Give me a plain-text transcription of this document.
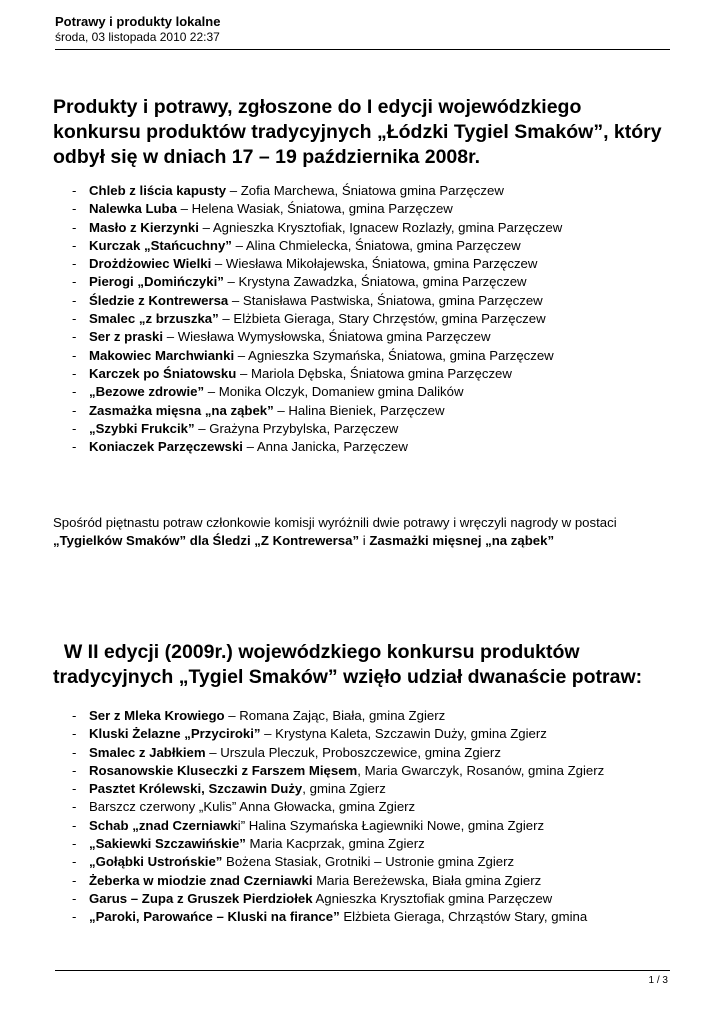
Potrawy i produkty lokalne
środa, 03 listopada 2010 22:37
Produkty i potrawy, zgłoszone do I edycji wojewódzkiego konkursu produktów tradycyjnych „Łódzki Tygiel Smaków”, który odbył się w dniach 17 – 19 października 2008r.
- Chleb z liścia kapusty – Zofia Marchewa, Śniatowa gmina Parzęczew
- Nalewka Luba – Helena Wasiak, Śniatowa, gmina Parzęczew
- Masło z Kierzynki – Agnieszka Krysztofiak, Ignacew Rozlazły, gmina Parzęczew
- Kurczak „Stańcuchny” – Alina Chmielecka, Śniatowa, gmina Parzęczew
- Drożdżowiec Wielki – Wiesława Mikołajewska, Śniatowa, gmina Parzęczew
- Pierogi „Domińczyki” – Krystyna Zawadzka, Śniatowa, gmina Parzęczew
- Śledzie z Kontrewersa – Stanisława Pastwiska, Śniatowa, gmina Parzęczew
- Smalec „z brzuszka” – Elżbieta Gieraga, Stary Chrzęstów, gmina Parzęczew
- Ser z praski – Wiesława Wymysłowska, Śniatowa gmina Parzęczew
- Makowiec Marchwianki – Agnieszka Szymańska, Śniatowa, gmina Parzęczew
- Karczek po Śniatowsku – Mariola Dębska, Śniatowa gmina Parzęczew
- „Bezowe zdrowie” – Monika Olczyk, Domaniew gmina Dalików
- Zasmażka mięsna „na ząbek” – Halina Bieniek, Parzęczew
- „Szybki Frukcik” – Grażyna Przybylska, Parzęczew
- Koniaczek Parzęczewski – Anna Janicka, Parzęczew

Spośród piętnastu potraw członkowie komisji wyróżnili dwie potrawy i wręczyli nagrody w postaci „Tygielków Smaków” dla Śledzi „Z Kontrewersa” i Zasmażki mięsnej „na ząbek”

W II edycji (2009r.) wojewódzkiego konkursu produktów tradycyjnych „Tygiel Smaków” wzięło udział dwanaście potraw:
- Ser z Mleka Krowiego – Romana Zając, Biała, gmina Zgierz
- Kluski Żelazne „Przyciroki” – Krystyna Kaleta, Szczawin Duży, gmina Zgierz
- Smalec z Jabłkiem – Urszula Pleczuk, Proboszczewice, gmina Zgierz
- Rosanowskie Kluseczki z Farszem Mięsem, Maria Gwarczyk, Rosanów, gmina Zgierz
- Pasztet Królewski, Szczawin Duży, gmina Zgierz
- Barszcz czerwony „Kulis” Anna Głowacka, gmina Zgierz
- Schab „znad Czerniawki” Halina Szymańska Łagiewniki Nowe, gmina Zgierz
- „Sakiewki Szczawińskie” Maria Kacprzak, gmina Zgierz
- „Gołąbki Ustrońskie” Bożena Stasiak, Grotniki – Ustronie gmina Zgierz
- Żeberka w miodzie znad Czerniawki Maria Bereżewska, Biała gmina Zgierz
- Garus – Zupa z Gruszek Pierdziołek Agnieszka Krysztofiak gmina Parzęczew
- „Paroki, Parowańce – Kluski na firance” Elżbieta Gieraga, Chrząstów Stary, gmina
1 / 3
